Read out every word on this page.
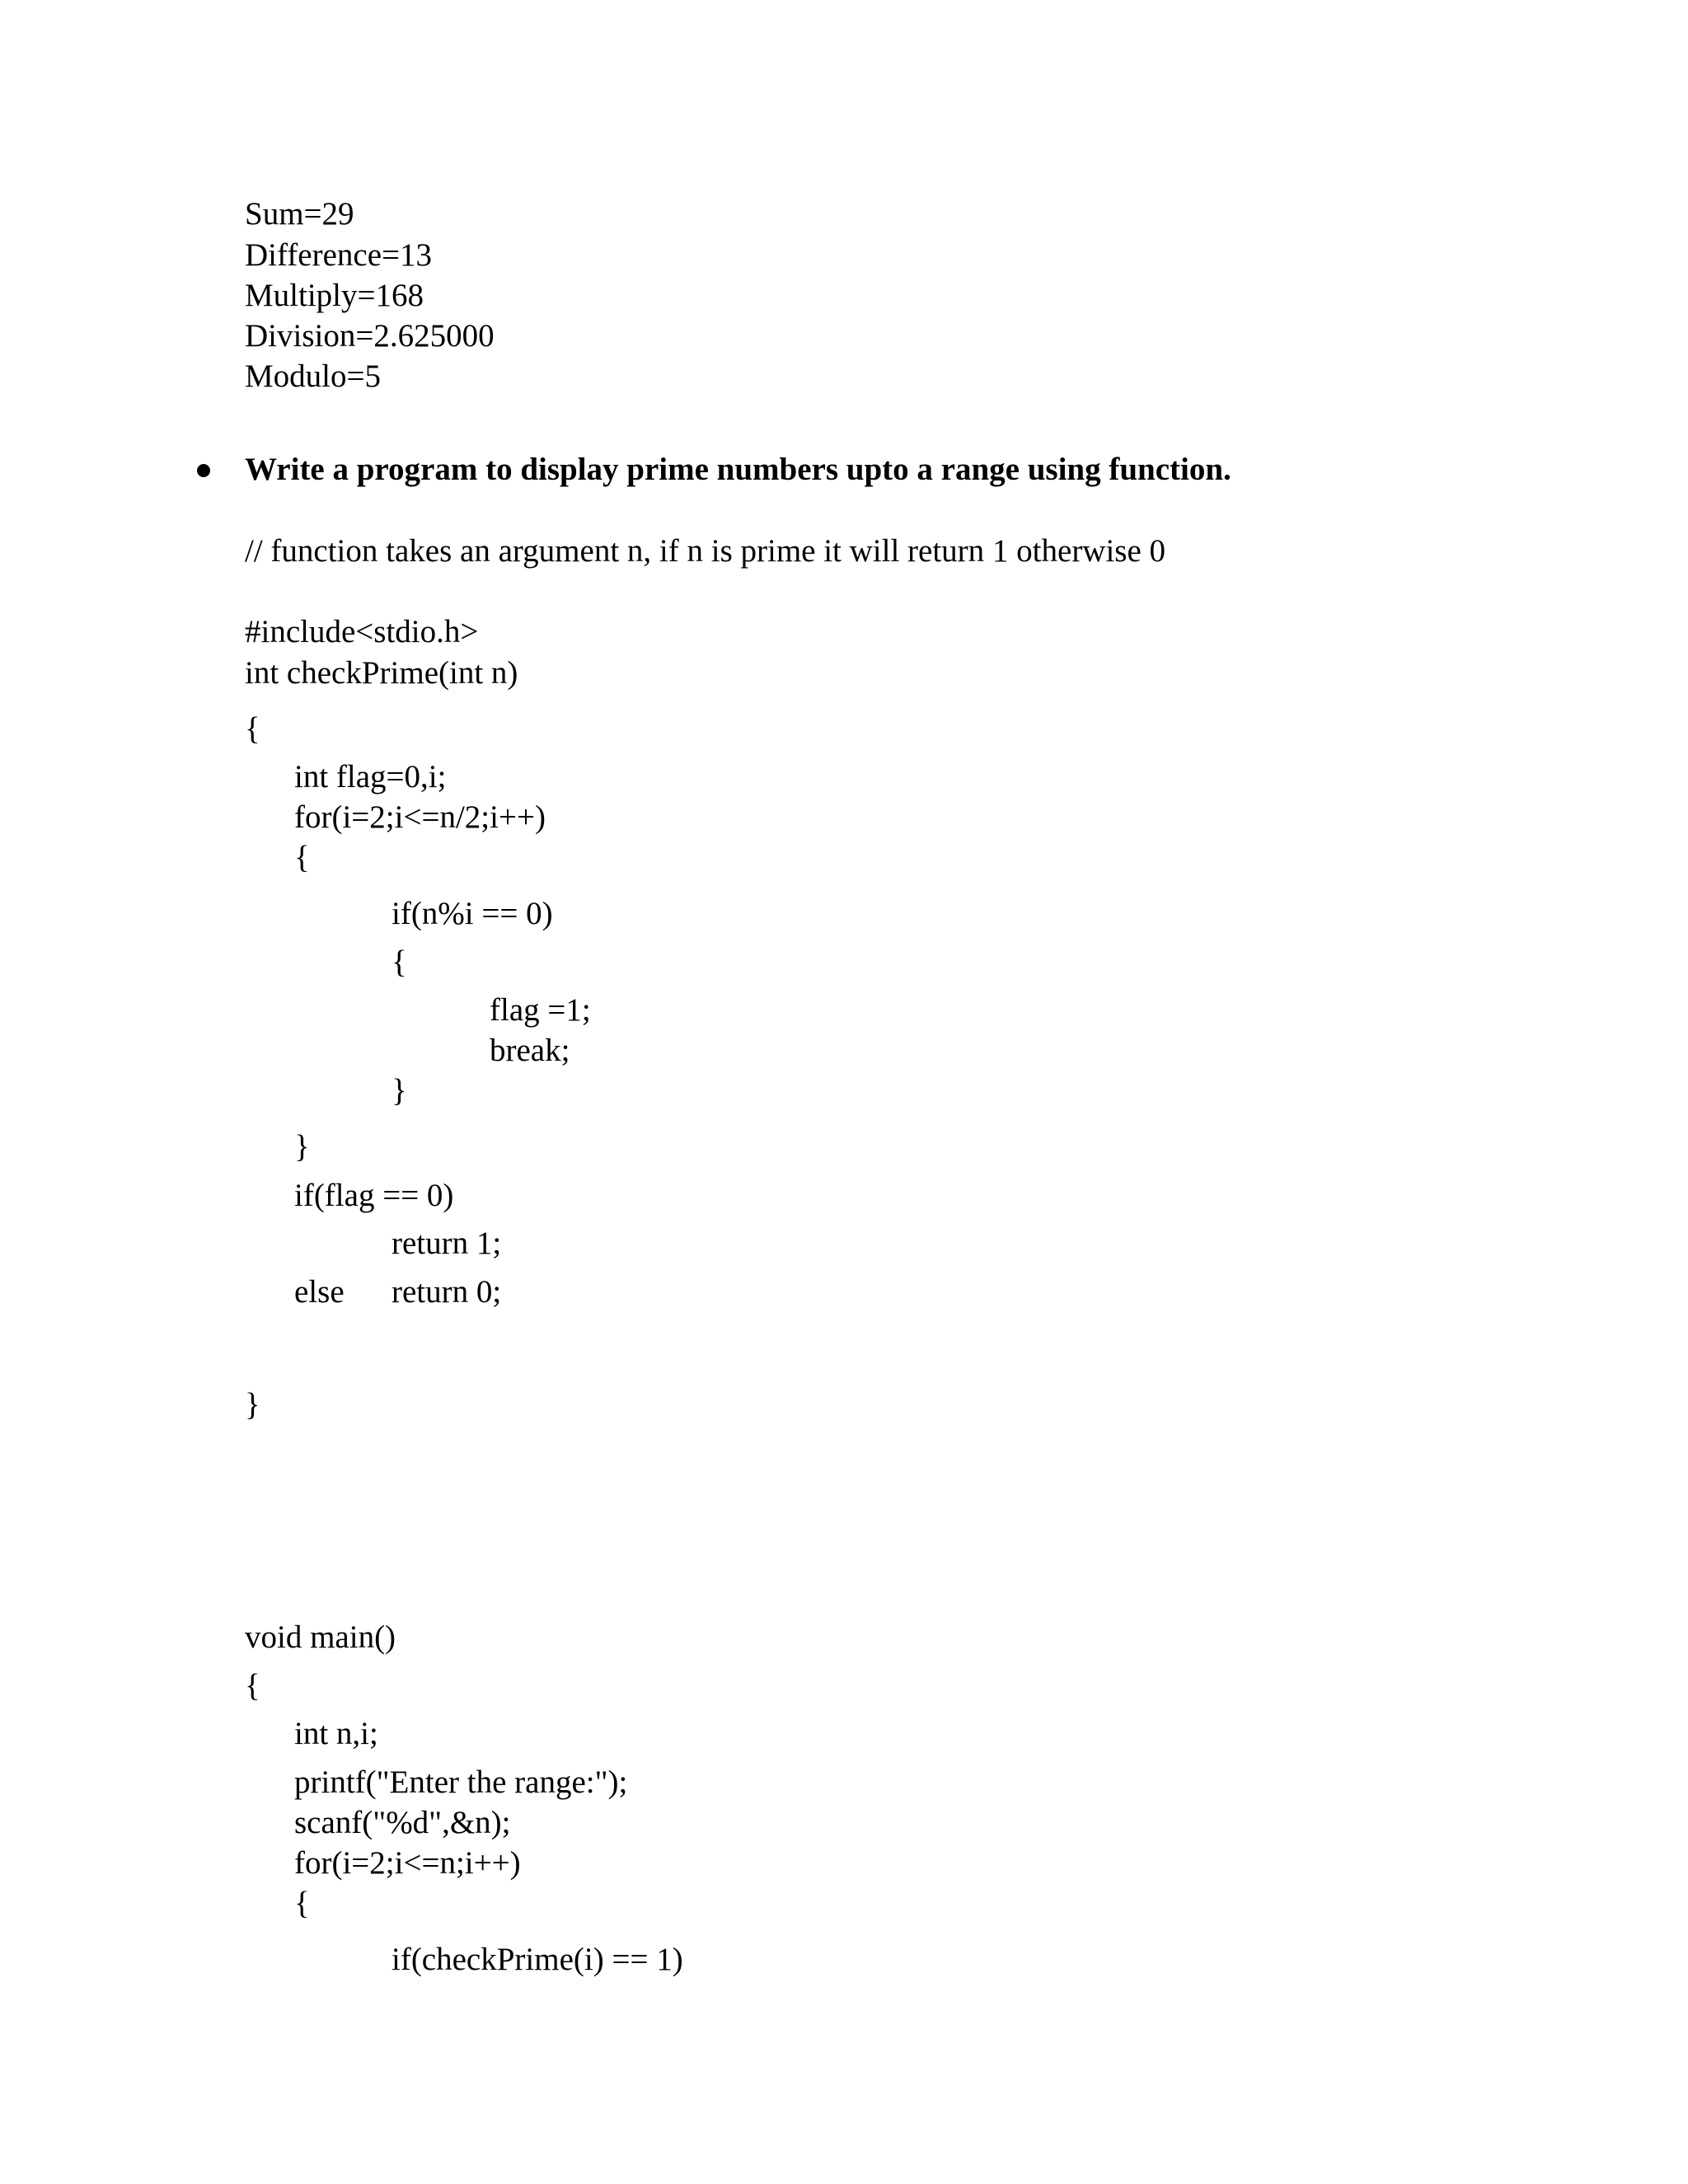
Sum=29
Difference=13
Multiply=168
Division=2.625000
Modulo=5
Write a program to display prime numbers upto a range using function.
// function takes an argument n, if n is prime it will return 1 otherwise 0
#include<stdio.h>
int checkPrime(int n)
{
int flag=0,i;
for(i=2;i<=n/2;i++)
{
if(n%i == 0)
{
flag =1;
break;
}
}
if(flag == 0)
return 1;
else return 0;
}
void main()
{
int n,i;
printf("Enter the range:");
scanf("%d",&n);
for(i=2;i<=n;i++)
{
if(checkPrime(i) == 1)
